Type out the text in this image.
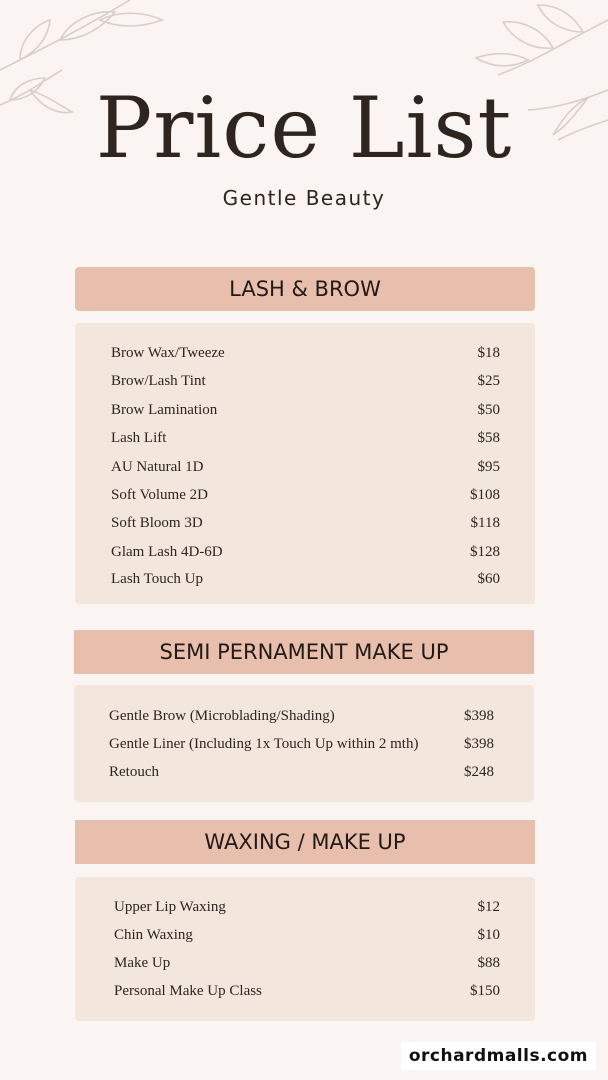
Price List
Gentle Beauty
LASH & BROW
SEMI PERNAMENT MAKE UP
WAXING / MAKE UP
orchardmalls.com
Brow Wax/Tweeze	$18
Brow/Lash Tint	$25
Brow Lamination	$50
Lash Lift	$58
AU Natural 1D	$95
Soft Volume 2D	$108
Soft Bloom 3D	$118
Glam Lash 4D-6D	$128
Lash Touch Up	$60
Gentle Brow (Microblading/Shading)	$398
Gentle Liner (Including 1x Touch Up within 2 mth)	$398
Retouch	$248
Upper Lip Waxing	$12
Chin Waxing	$10
Make Up	$88
Personal Make Up Class	$150
